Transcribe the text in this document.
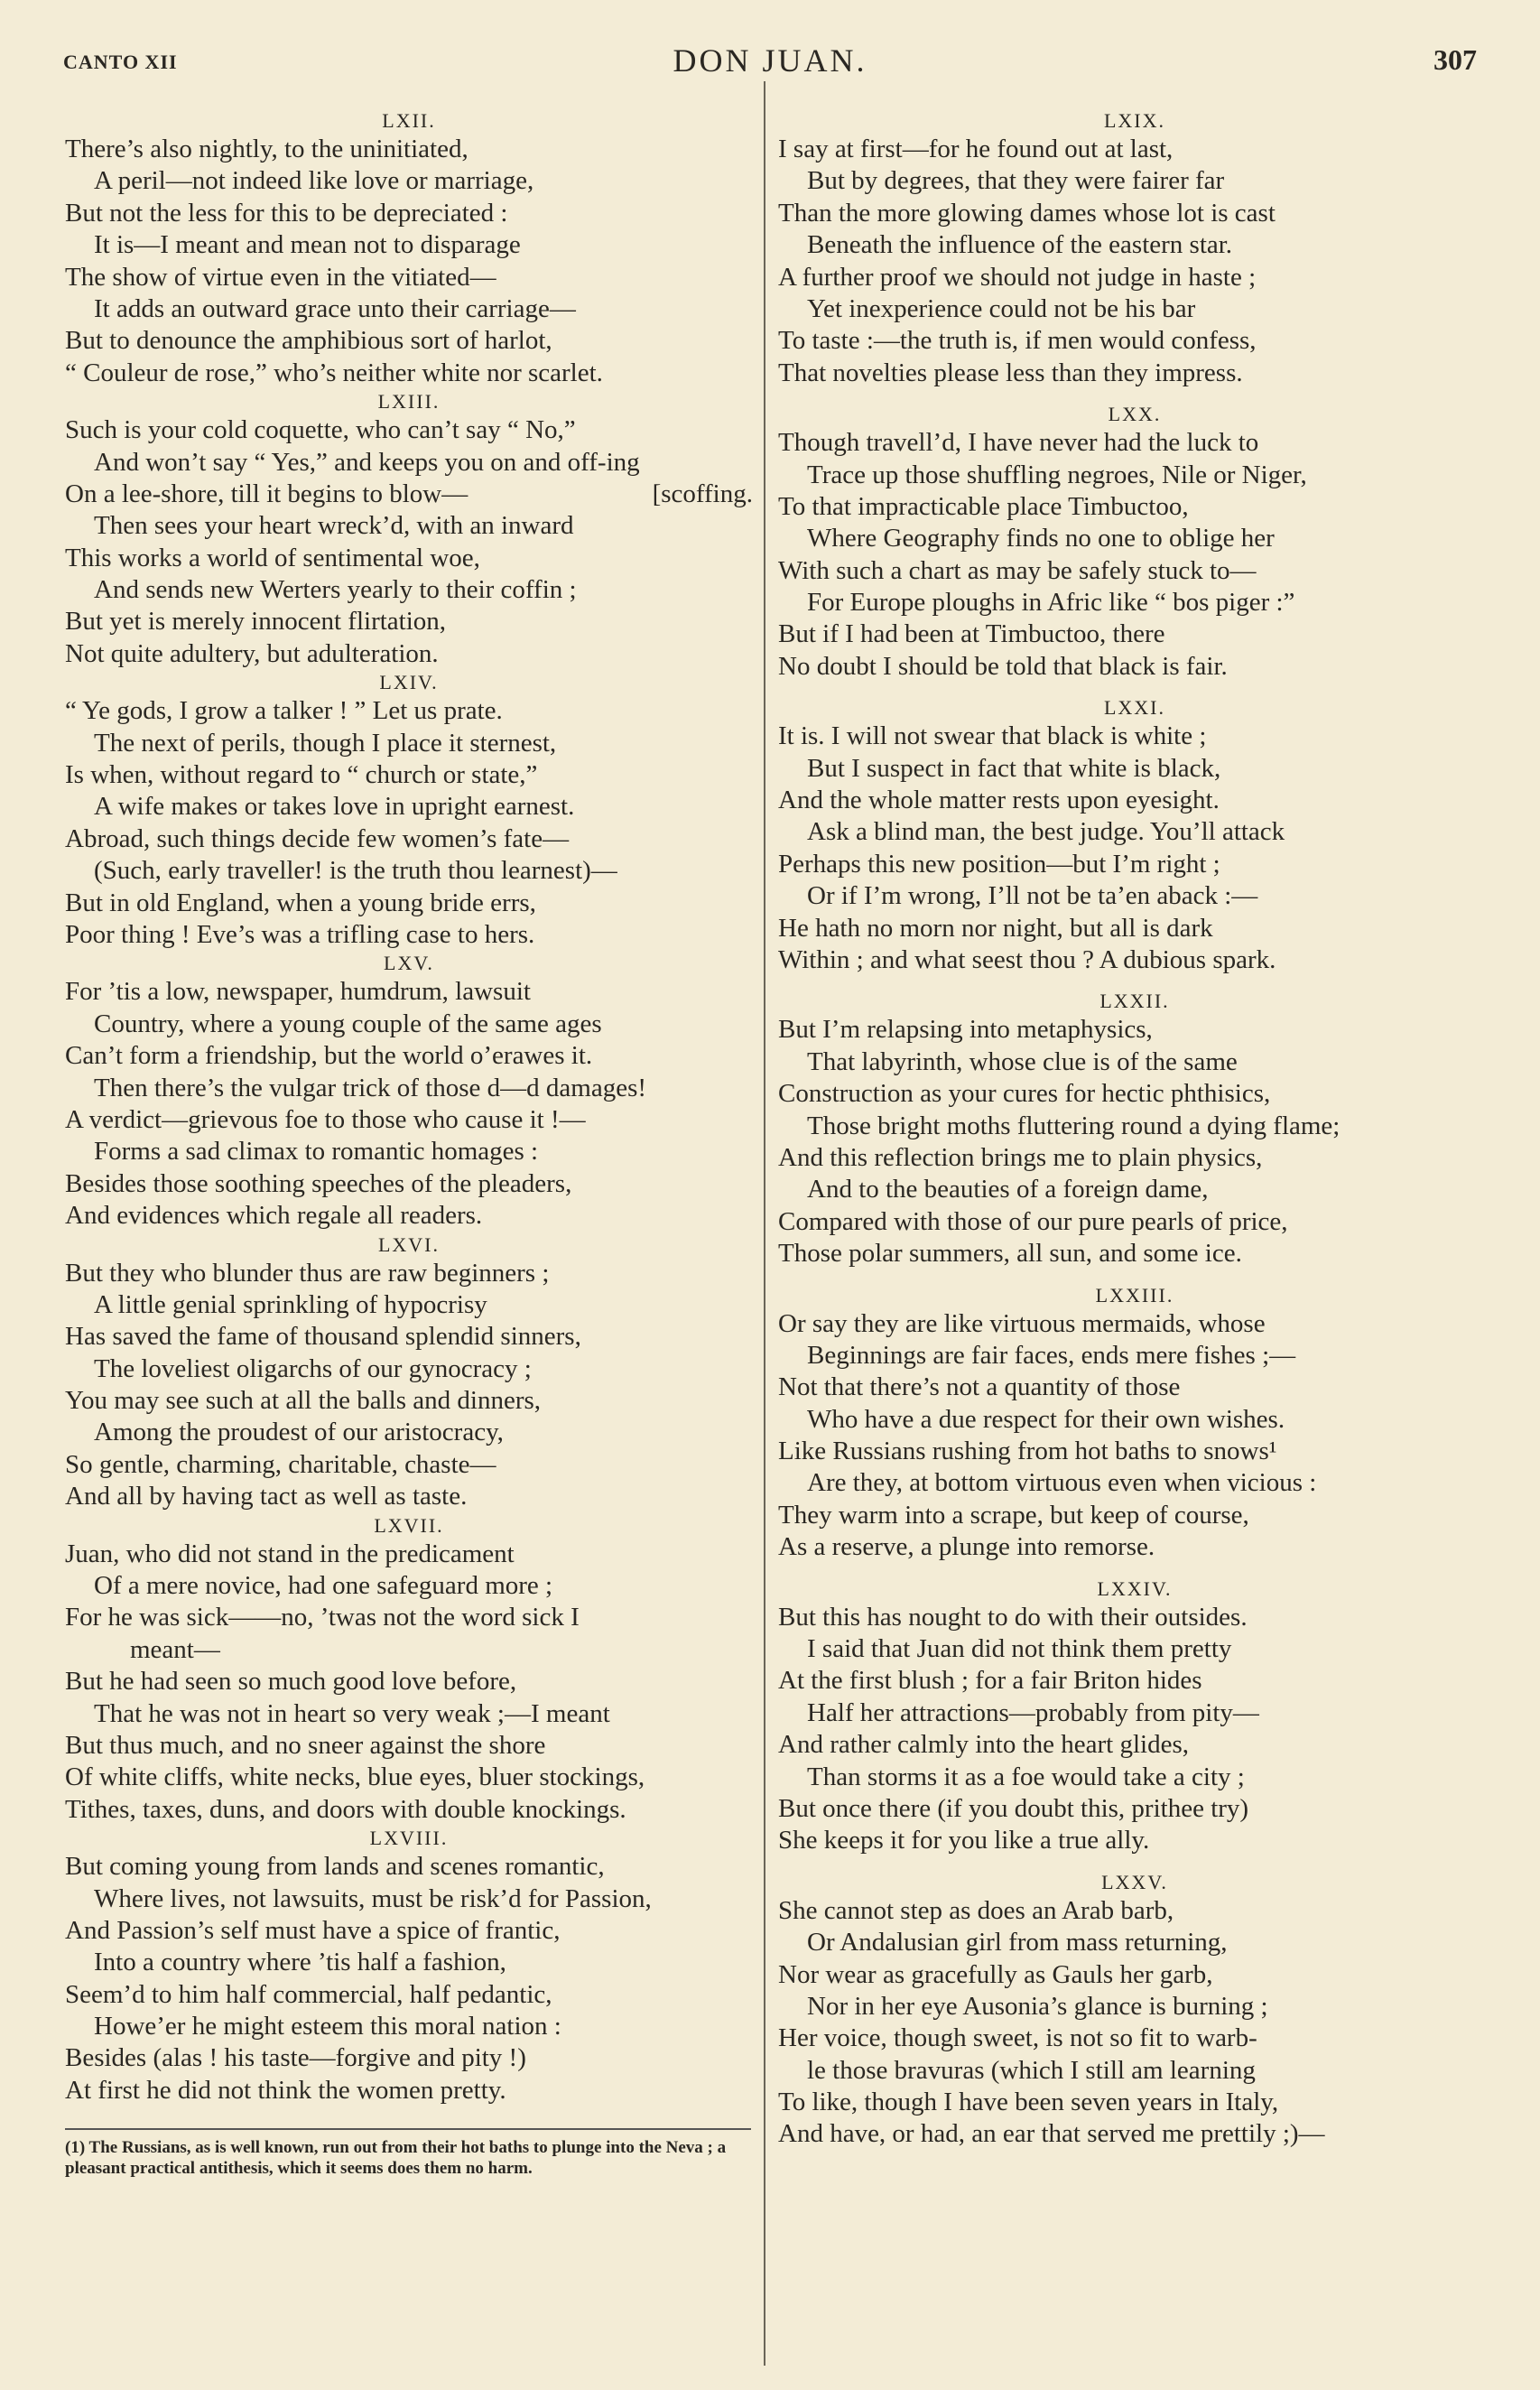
CANTO XII	DON JUAN.	307
LXII.
There’s also nightly, to the uninitiated,
A peril—not indeed like love or marriage,
But not the less for this to be depreciated :
It is—I meant and mean not to disparage
The show of virtue even in the vitiated—
It adds an outward grace unto their carriage—
But to denounce the amphibious sort of harlot,
“ Couleur de rose,” who’s neither white nor scarlet.
LXIII.
Such is your cold coquette, who can’t say “ No,”
And won’t say “ Yes,” and keeps you on and off-ing
On a lee-shore, till it begins to blow—	[scoffing.
Then sees your heart wreck’d, with an inward
This works a world of sentimental woe,
And sends new Werters yearly to their coffin ;
But yet is merely innocent flirtation,
Not quite adultery, but adulteration.
LXIV.
“ Ye gods, I grow a talker ! ” Let us prate.
The next of perils, though I place it sternest,
Is when, without regard to “ church or state,”
A wife makes or takes love in upright earnest.
Abroad, such things decide few women’s fate—
(Such, early traveller! is the truth thou learnest)—
But in old England, when a young bride errs,
Poor thing ! Eve’s was a trifling case to hers.
LXV.
For ’tis a low, newspaper, humdrum, lawsuit
Country, where a young couple of the same ages
Can’t form a friendship, but the world o’erawes it.
Then there’s the vulgar trick of those d—d damages!
A verdict—grievous foe to those who cause it !—
Forms a sad climax to romantic homages :
Besides those soothing speeches of the pleaders,
And evidences which regale all readers.
LXVI.
But they who blunder thus are raw beginners ;
A little genial sprinkling of hypocrisy
Has saved the fame of thousand splendid sinners,
The loveliest oligarchs of our gynocracy ;
You may see such at all the balls and dinners,
Among the proudest of our aristocracy,
So gentle, charming, charitable, chaste—
And all by having tact as well as taste.
LXVII.
Juan, who did not stand in the predicament
Of a mere novice, had one safeguard more ;
For he was sick——no, ’twas not the word sick I
meant—
But he had seen so much good love before,
That he was not in heart so very weak ;—I meant
But thus much, and no sneer against the shore
Of white cliffs, white necks, blue eyes, bluer stockings,
Tithes, taxes, duns, and doors with double knockings.
LXVIII.
But coming young from lands and scenes romantic,
Where lives, not lawsuits, must be risk’d for Passion,
And Passion’s self must have a spice of frantic,
Into a country where ’tis half a fashion,
Seem’d to him half commercial, half pedantic,
Howe’er he might esteem this moral nation :
Besides (alas ! his taste—forgive and pity !)
At first he did not think the women pretty.
(1) The Russians, as is well known, run out from their hot baths to plunge into the Neva ; a pleasant practical antithesis, which it seems does them no harm.
LXIX.
I say at first—for he found out at last,
But by degrees, that they were fairer far
Than the more glowing dames whose lot is cast
Beneath the influence of the eastern star.
A further proof we should not judge in haste ;
Yet inexperience could not be his bar
To taste :—the truth is, if men would confess,
That novelties please less than they impress.
LXX.
Though travell’d, I have never had the luck to
Trace up those shuffling negroes, Nile or Niger,
To that impracticable place Timbuctoo,
Where Geography finds no one to oblige her
With such a chart as may be safely stuck to—
For Europe ploughs in Afric like “ bos piger :”
But if I had been at Timbuctoo, there
No doubt I should be told that black is fair.
LXXI.
It is. I will not swear that black is white ;
But I suspect in fact that white is black,
And the whole matter rests upon eyesight.
Ask a blind man, the best judge. You’ll attack
Perhaps this new position—but I’m right ;
Or if I’m wrong, I’ll not be ta’en aback :—
He hath no morn nor night, but all is dark
Within ; and what seest thou ? A dubious spark.
LXXII.
But I’m relapsing into metaphysics,
That labyrinth, whose clue is of the same
Construction as your cures for hectic phthisics,
Those bright moths fluttering round a dying flame;
And this reflection brings me to plain physics,
And to the beauties of a foreign dame,
Compared with those of our pure pearls of price,
Those polar summers, all sun, and some ice.
LXXIII.
Or say they are like virtuous mermaids, whose
Beginnings are fair faces, ends mere fishes ;—
Not that there’s not a quantity of those
Who have a due respect for their own wishes.
Like Russians rushing from hot baths to snows¹
Are they, at bottom virtuous even when vicious :
They warm into a scrape, but keep of course,
As a reserve, a plunge into remorse.
LXXIV.
But this has nought to do with their outsides.
I said that Juan did not think them pretty
At the first blush ; for a fair Briton hides
Half her attractions—probably from pity—
And rather calmly into the heart glides,
Than storms it as a foe would take a city ;
But once there (if you doubt this, prithee try)
She keeps it for you like a true ally.
LXXV.
She cannot step as does an Arab barb,
Or Andalusian girl from mass returning,
Nor wear as gracefully as Gauls her garb,
Nor in her eye Ausonia’s glance is burning ;
Her voice, though sweet, is not so fit to warb-
le those bravuras (which I still am learning
To like, though I have been seven years in Italy,
And have, or had, an ear that served me prettily ;)—
